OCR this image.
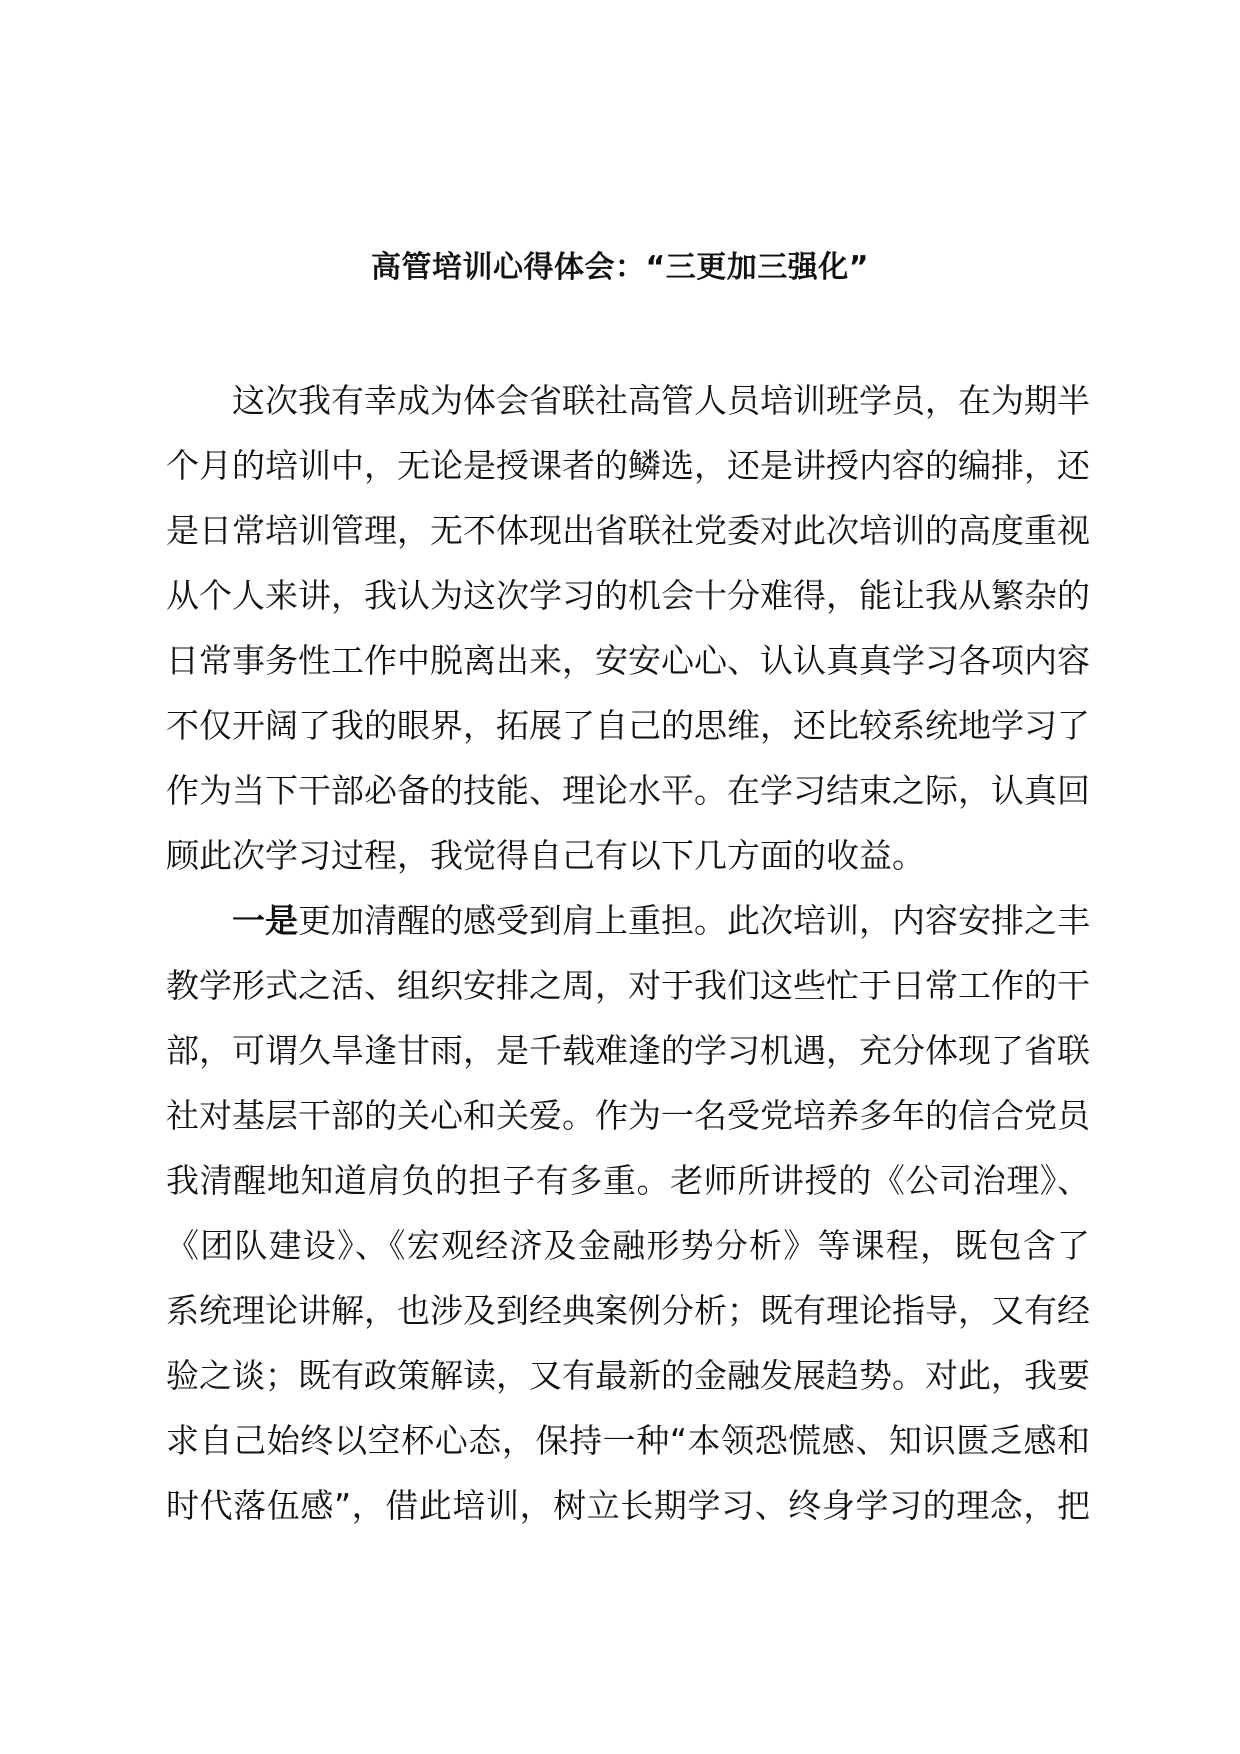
高管培训心得体会：“三更加三强化”
这次我有幸成为体会省联社高管人员培训班学员，在为期半
个月的培训中，无论是授课者的鳞选，还是讲授内容的编排，还
是日常培训管理，无不体现出省联社党委对此次培训的高度重视
从个人来讲，我认为这次学习的机会十分难得，能让我从繁杂的
日常事务性工作中脱离出来，安安心心、认认真真学习各项内容
不仅开阔了我的眼界，拓展了自己的思维，还比较系统地学习了
作为当下干部必备的技能、理论水平。在学习结束之际，认真回
顾此次学习过程，我觉得自己有以下几方面的收益。
一是更加清醒的感受到肩上重担。此次培训，内容安排之丰
教学形式之活、组织安排之周，对于我们这些忙于日常工作的干
部，可谓久旱逢甘雨，是千载难逢的学习机遇，充分体现了省联
社对基层干部的关心和关爱。作为一名受党培养多年的信合党员
我清醒地知道肩负的担子有多重。老师所讲授的《公司治理》、
《团队建设》、《宏观经济及金融形势分析》等课程，既包含了
系统理论讲解，也涉及到经典案例分析；既有理论指导，又有经
验之谈；既有政策解读，又有最新的金融发展趋势。对此，我要
求自己始终以空杯心态，保持一种“本领恐慌感、知识匮乏感和
时代落伍感”，借此培训，树立长期学习、终身学习的理念，把
